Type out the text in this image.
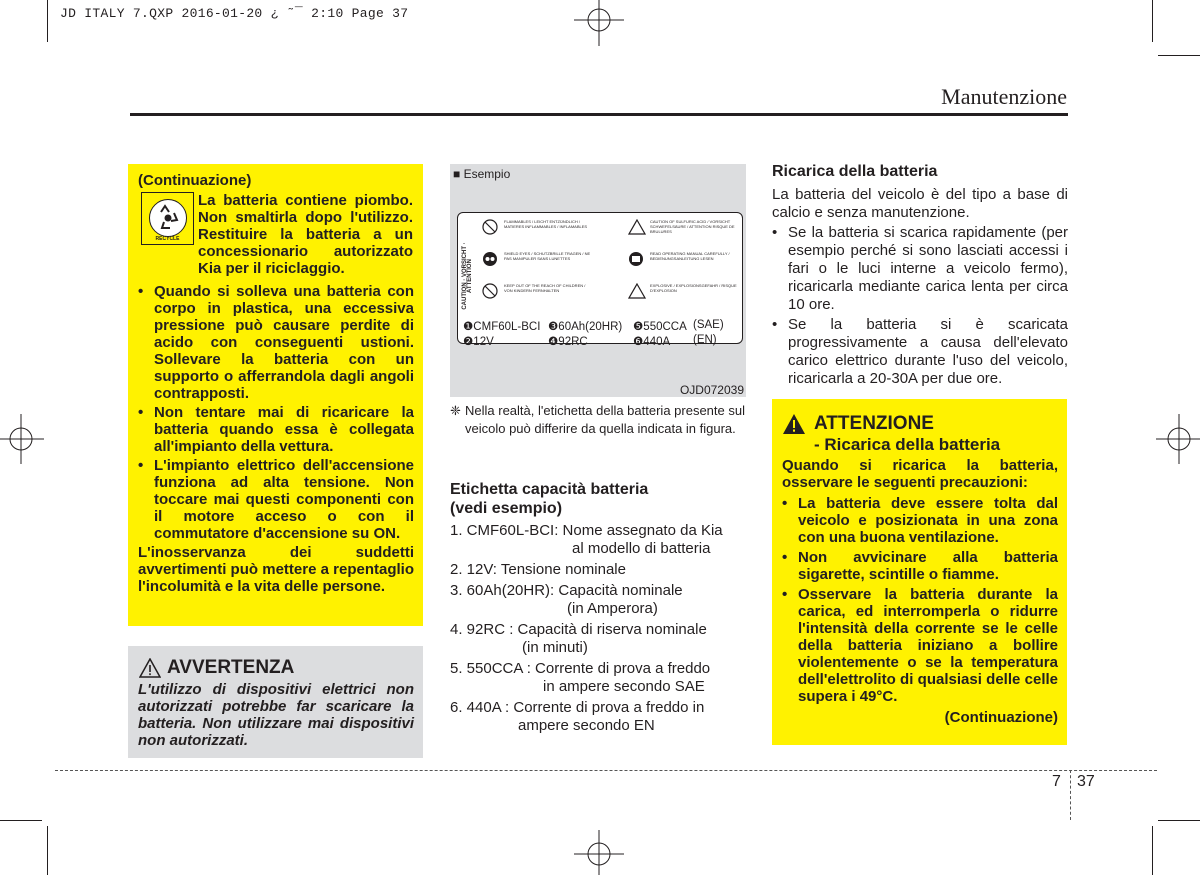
JD ITALY 7.QXP 2016-01-20 ¿ ˜¯ 2:10 Page 37
Manutenzione
(Continuazione)
RECYCLE
La batteria contiene piombo. Non smaltirla dopo l'utilizzo. Restituire la batteria a un concessionario autorizzato Kia per il riciclaggio.
• Quando si solleva una batteria con corpo in plastica, una eccessiva pressione può causare perdite di acido con conseguenti ustioni. Sollevare la batteria con un supporto o afferrandola dagli angoli contrapposti.
• Non tentare mai di ricaricare la batteria quando essa è collegata all'impianto della vettura.
• L'impianto elettrico dell'accensione funziona ad alta tensione. Non toccare mai questi componenti con il motore acceso o con il commutatore d'accensione su ON.
L'inosservanza dei suddetti avvertimenti può mettere a repentaglio l'incolumità e la vita delle persone.
AVVERTENZA
L'utilizzo di dispositivi elettrici non autorizzati potrebbe far scaricare la batteria. Non utilizzare mai dispositivi non autorizzati.
■ Esempio
CAUTION · VORSICHT · ATTENTION
FLAMMABLES / LEICHT ENTZÜNDLICH / MATIERES INFLAMMABLES / INFLAMABLES
SHIELD EYES / SCHUTZBRILLE TRAGEN / NE PAS MANIPULER SANS LUNETTES
KEEP OUT OF THE REACH OF CHILDREN / VON KINDERN FERNHALTEN
CAUTION OF SULFURIC ACID / VORSICHT SCHWEFELSÄURE / ATTENTION RISQUE DE BRULURES
READ OPERATING MANUAL CAREFULLY / BEDIENUNGSANLEITUNG LESEN
EXPLOSIVE / EXPLOSIONSGEFAHR / RISQUE D'EXPLOSION
❶CMF60L-BCI ❸60Ah(20HR) ❺550CCA (SAE)
❷12V	❹92RC	❻440A	(EN)
OJD072039
❈ Nella realtà, l'etichetta della batteria presente sul veicolo può differire da quella indicata in figura.
Etichetta capacità batteria
(vedi esempio)
1. CMF60L-BCI: Nome assegnato da Kia
al modello di batteria
2. 12V: Tensione nominale
3. 60Ah(20HR): Capacità nominale
(in Amperora)
4. 92RC : Capacità di riserva nominale
(in minuti)
5. 550CCA : Corrente di prova a freddo
in ampere secondo SAE
6. 440A : Corrente di prova a freddo in
ampere secondo EN
Ricarica della batteria
La batteria del veicolo è del tipo a base di calcio e senza manutenzione.
• Se la batteria si scarica rapidamente (per esempio perché si sono lasciati accessi i fari o le luci interne a veicolo fermo), ricaricarla mediante carica lenta per circa 10 ore.
• Se la batteria si è scaricata progressivamente a causa dell'elevato carico elettrico durante l'uso del veicolo, ricaricarla a 20-30A per due ore.
ATTENZIONE
- Ricarica della batteria
Quando si ricarica la batteria, osservare le seguenti precauzioni:
• La batteria deve essere tolta dal veicolo e posizionata in una zona con una buona ventilazione.
• Non avvicinare alla batteria sigarette, scintille o fiamme.
• Osservare la batteria durante la carica, ed interromperla o ridurre l'intensità della corrente se le celle della batteria iniziano a bollire violentemente o se la temperatura dell'elettrolito di qualsiasi delle celle supera i 49°C.
(Continuazione)
7 37
